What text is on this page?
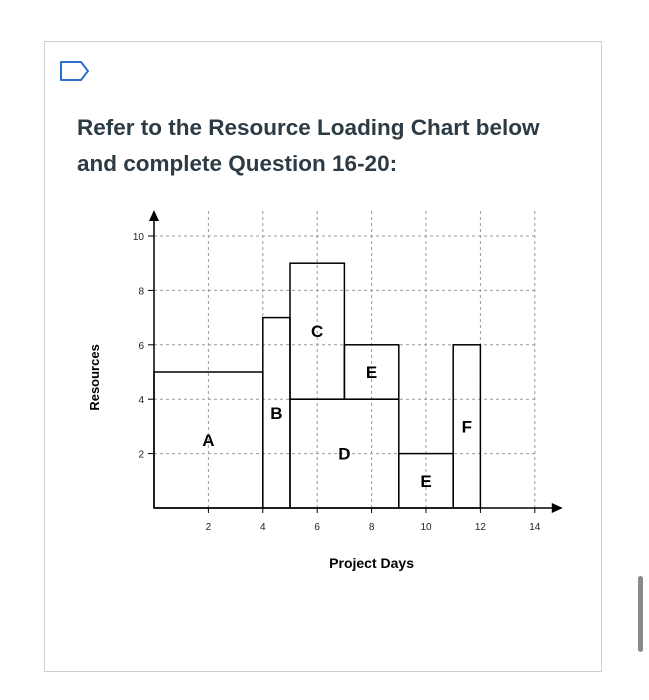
Refer to the Resource Loading Chart below
and complete Question 16-20:
2	4	6	8	10	12	14
2
4
6
8
10
A
B
D
C
E
E
F
Project Days
Resources
